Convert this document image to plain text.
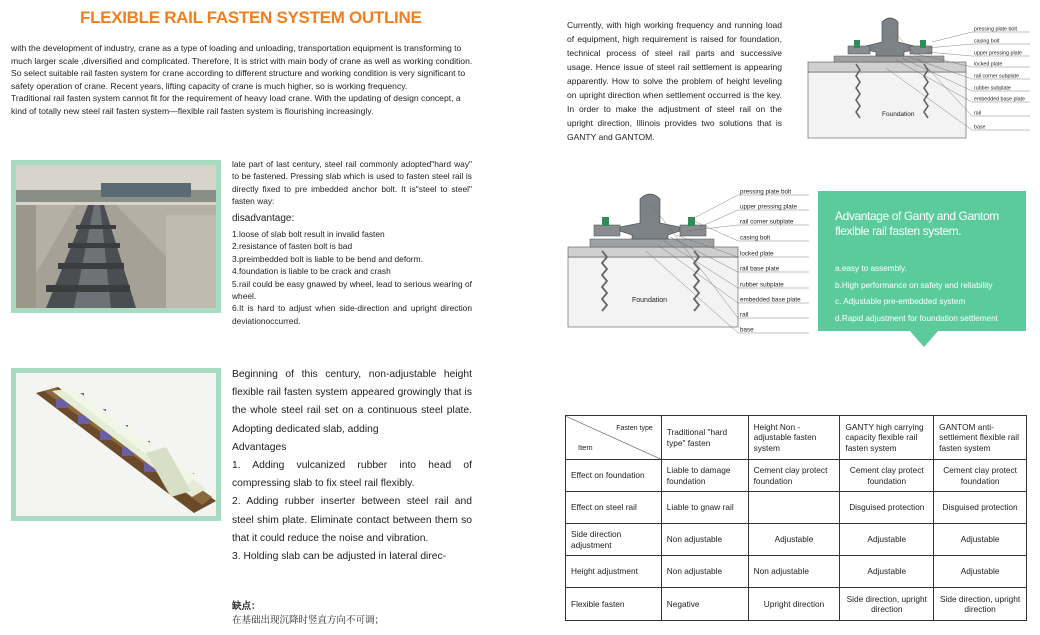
FLEXIBLE RAIL FASTEN SYSTEM OUTLINE

with the development of industry, crane as a type of loading and unloading, transportation equipment is transforming to much larger scale ,diversified and complicated. Therefore, It is strict with main body of crane as well as working condition. So select suitable rail fasten system for crane according to different structure and working condition is very significant to safety operation of crane. Recent years, lifting capacity of crane is much higher, so is working frequency.

Traditional rail fasten system cannot fit for the requirement of heavy load crane. With the updating of design concept, a kind of totally new steel rail fasten system—flexible rail fasten system is flourishing increasingly.

late part of last century, steel rail commonly adopted"hard way" to be fastened. Pressing slab which is used to fasten steel rail is directly fixed to pre imbedded anchor bolt. It is"steel to steel" fasten way:

disadvantage:

1.loose of slab bolt result in invalid fasten

2.resistance of fasten bolt is bad

3.preimbedded bolt is liable to be bend and deform.

4.foundation is liable to be crack and crash

5.rail could be easy gnawed by wheel, lead to serious wearing of wheel.

6.It is hard to adjust when side-direction and upright direction deviationoccurred.

Beginning of this century, non-adjustable height flexible rail fasten system appeared growingly that is the whole steel rail set on a continuous steel plate. Adopting dedicated slab, adding

Advantages

1. Adding vulcanized rubber into head of compressing slab to fix steel rail flexibly.

2. Adding rubber inserter between steel rail and steel shim plate. Eliminate contact between them so that it could reduce the noise and vibration.

3. Holding slab can be adjusted in lateral direc-

缺点：
在基础出现沉降时竖直方向不可调；
Currently, with high working frequency and running load of equipment, high requirement is raised for foundation, technical process of steel rail parts and successive usage. Hence issue of steel rail settlement is appearing apparently. How to solve the problem of height leveling on upright direction when settlement occurred is the key. In order to make the adjustment of steel rail on the upright direction, Illinois provides two solutions that is GANTY and GANTOM.
Foundation
pressing plate bolt
casing bolt
upper pressing plate
locked plate
rail corner subplate
rubber subplate
embedded base plate
rail
base
Foundation
pressing plate bolt
upper pressing plate
rail corner subplate
casing bolt
locked plate
rail base plate
rubber subplate
embedded base plate
rail
base
Advantage of Ganty and Gantom flexible rail fasten system.
a.easy to assembly.
b.High performance on safety and reliability
c. Adjustable pre-embedded system
d.Rapid adjustment for foundation settlement
Fasten type
Item	Traditional "hard type" fasten	Height Non -adjustable fasten system	GANTY high carrying capacity flexible rail fasten system	GANTOM anti-settlement flexible rail fasten system
Effect on foundation	Liable to damage foundation	Cement clay protect foundation	Cement clay protect foundation	Cement clay protect foundation
Effect on steel rail	Liable to gnaw rail		Disguised protection	Disguised protection
Side direction adjustment	Non adjustable	Adjustable	Adjustable	Adjustable
Height adjustment	Non adjustable	Non adjustable	Adjustable	Adjustable
Flexible fasten	Negative	Upright direction	Side direction, upright direction	Side direction, upright direction
